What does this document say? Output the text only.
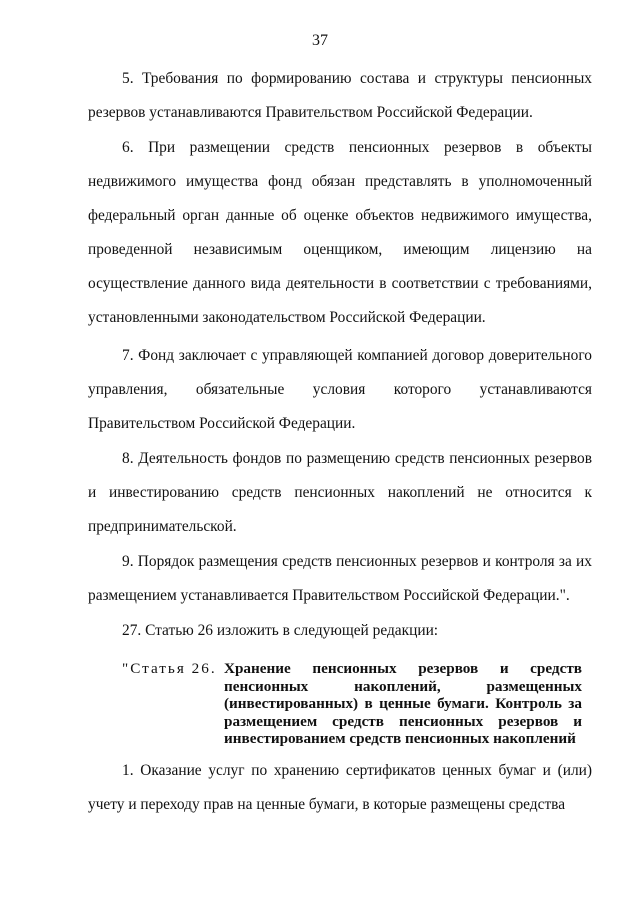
37

5. Требования по формированию состава и структуры пенсионных резервов устанавливаются Правительством Российской Федерации.

6. При размещении средств пенсионных резервов в объекты недвижимого имущества фонд обязан представлять в уполномоченный федеральный орган данные об оценке объектов недвижимого имущества, проведенной независимым оценщиком, имеющим лицензию на осуществление данного вида деятельности в соответствии с требованиями, установленными законодательством Российской Федерации.

7. Фонд заключает с управляющей компанией договор доверительного управления, обязательные условия которого устанавливаются Правительством Российской Федерации.

8. Деятельность фондов по размещению средств пенсионных резервов и инвестированию средств пенсионных накоплений не относится к предпринимательской.

9. Порядок размещения средств пенсионных резервов и контроля за их размещением устанавливается Правительством Российской Федерации.".

27. Статью 26 изложить в следующей редакции:

"Статья 26. Хранение пенсионных резервов и средств пенсионных накоплений, размещенных (инвестированных) в ценные бумаги. Контроль за размещением средств пенсионных резервов и инвестированием средств пенсионных накоплений

1. Оказание услуг по хранению сертификатов ценных бумаг и (или) учету и переходу прав на ценные бумаги, в которые размещены средства
